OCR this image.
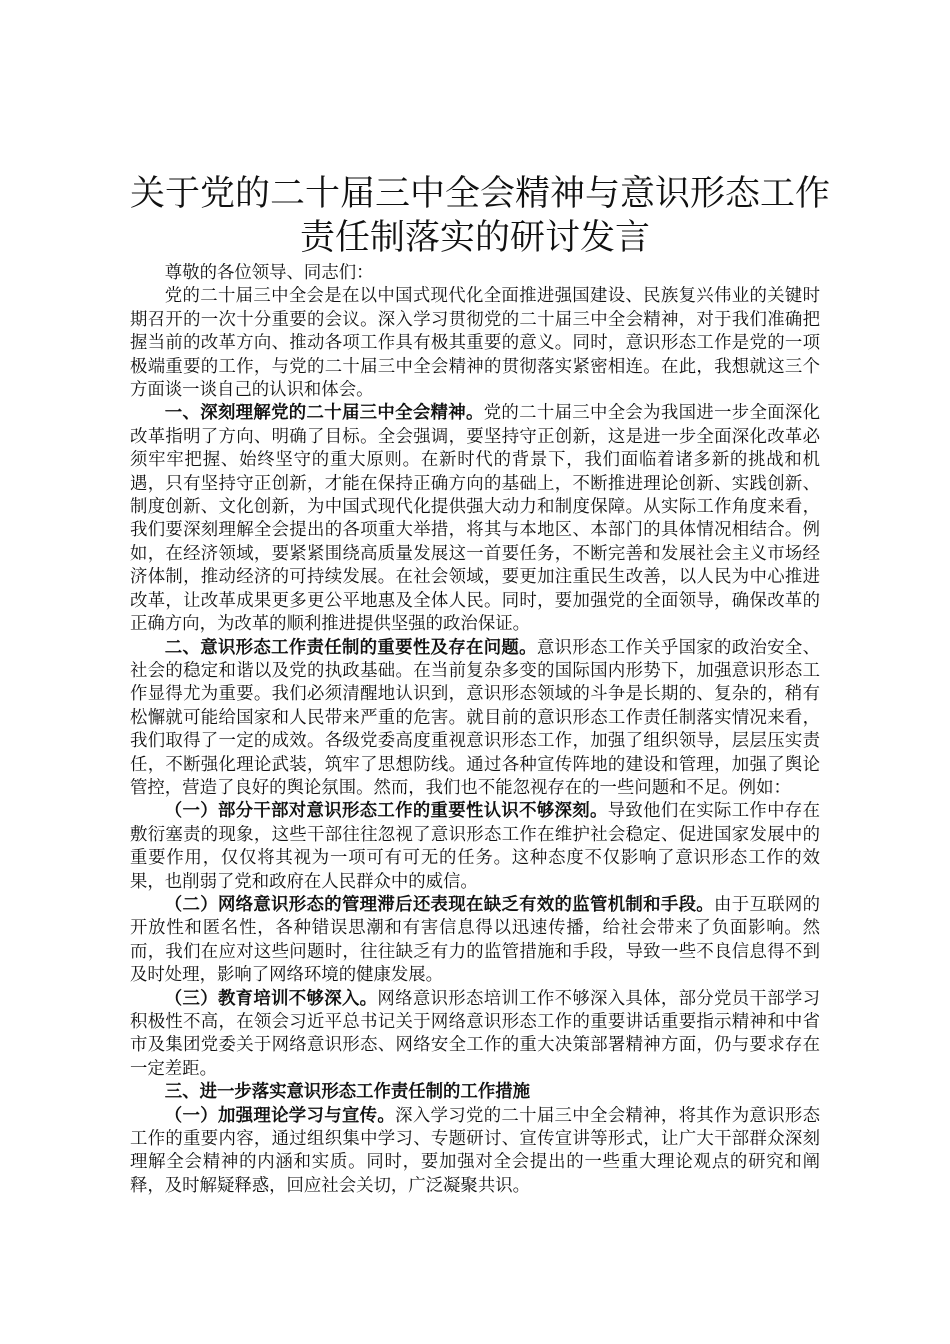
关于党的二十届三中全会精神与意识形态工作
责任制落实的研讨发言

尊敬的各位领导、同志们：

党的二十届三中全会是在以中国式现代化全面推进强国建设、民族复兴伟业的关键时期召开的一次十分重要的会议。深入学习贯彻党的二十届三中全会精神，对于我们准确把握当前的改革方向、推动各项工作具有极其重要的意义。同时，意识形态工作是党的一项极端重要的工作，与党的二十届三中全会精神的贯彻落实紧密相连。在此，我想就这三个方面谈一谈自己的认识和体会。

一、深刻理解党的二十届三中全会精神。党的二十届三中全会为我国进一步全面深化改革指明了方向、明确了目标。全会强调，要坚持守正创新，这是进一步全面深化改革必须牢牢把握、始终坚守的重大原则。在新时代的背景下，我们面临着诸多新的挑战和机遇，只有坚持守正创新，才能在保持正确方向的基础上，不断推进理论创新、实践创新、制度创新、文化创新，为中国式现代化提供强大动力和制度保障。从实际工作角度来看，我们要深刻理解全会提出的各项重大举措，将其与本地区、本部门的具体情况相结合。例如，在经济领域，要紧紧围绕高质量发展这一首要任务，不断完善和发展社会主义市场经济体制，推动经济的可持续发展。在社会领域，要更加注重民生改善，以人民为中心推进改革，让改革成果更多更公平地惠及全体人民。同时，要加强党的全面领导，确保改革的正确方向，为改革的顺利推进提供坚强的政治保证。

二、意识形态工作责任制的重要性及存在问题。意识形态工作关乎国家的政治安全、社会的稳定和谐以及党的执政基础。在当前复杂多变的国际国内形势下，加强意识形态工作显得尤为重要。我们必须清醒地认识到，意识形态领域的斗争是长期的、复杂的，稍有松懈就可能给国家和人民带来严重的危害。就目前的意识形态工作责任制落实情况来看，我们取得了一定的成效。各级党委高度重视意识形态工作，加强了组织领导，层层压实责任，不断强化理论武装，筑牢了思想防线。通过各种宣传阵地的建设和管理，加强了舆论管控，营造了良好的舆论氛围。然而，我们也不能忽视存在的一些问题和不足。例如：

（一）部分干部对意识形态工作的重要性认识不够深刻。导致他们在实际工作中存在敷衍塞责的现象，这些干部往往忽视了意识形态工作在维护社会稳定、促进国家发展中的重要作用，仅仅将其视为一项可有可无的任务。这种态度不仅影响了意识形态工作的效果，也削弱了党和政府在人民群众中的威信。

（二）网络意识形态的管理滞后还表现在缺乏有效的监管机制和手段。由于互联网的开放性和匿名性，各种错误思潮和有害信息得以迅速传播，给社会带来了负面影响。然而，我们在应对这些问题时，往往缺乏有力的监管措施和手段，导致一些不良信息得不到及时处理，影响了网络环境的健康发展。

（三）教育培训不够深入。网络意识形态培训工作不够深入具体，部分党员干部学习积极性不高，在领会习近平总书记关于网络意识形态工作的重要讲话重要指示精神和中省市及集团党委关于网络意识形态、网络安全工作的重大决策部署精神方面，仍与要求存在一定差距。

三、进一步落实意识形态工作责任制的工作措施

（一）加强理论学习与宣传。深入学习党的二十届三中全会精神，将其作为意识形态工作的重要内容，通过组织集中学习、专题研讨、宣传宣讲等形式，让广大干部群众深刻理解全会精神的内涵和实质。同时，要加强对全会提出的一些重大理论观点的研究和阐释，及时解疑释惑，回应社会关切，广泛凝聚共识。
